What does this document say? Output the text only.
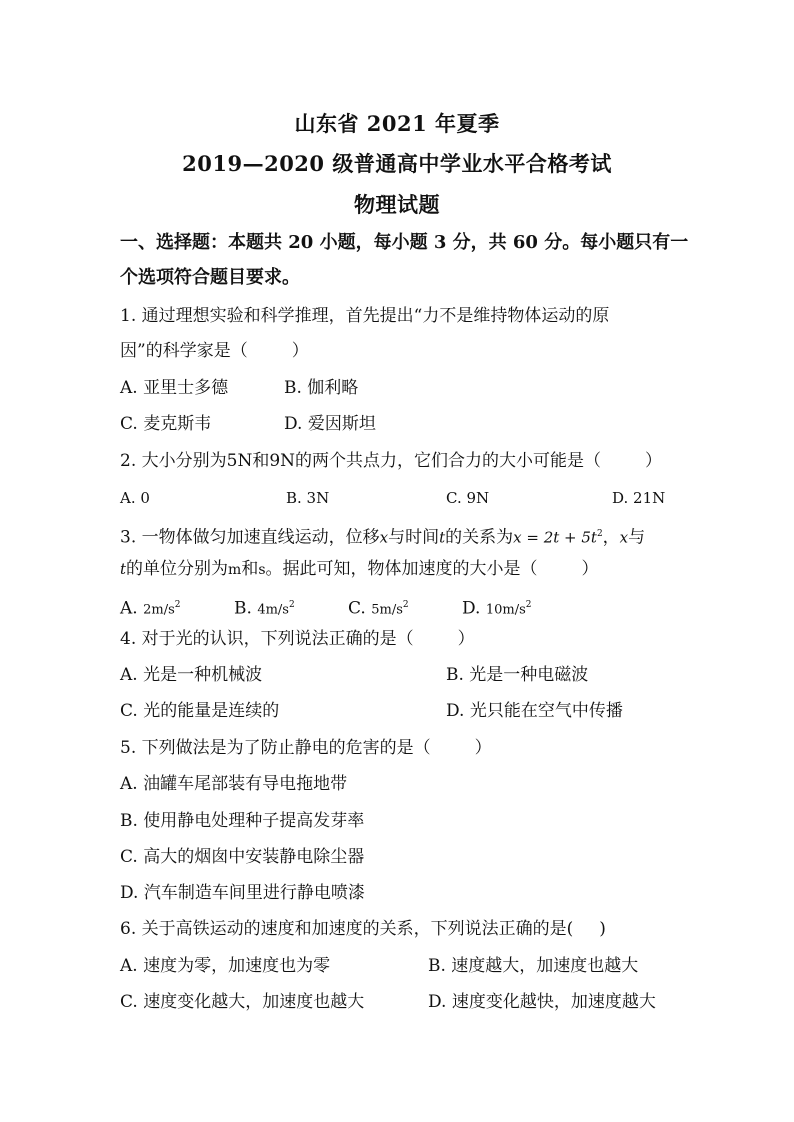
山东省 2021 年夏季
2019—2020 级普通高中学业水平合格考试
物理试题
一、选择题：本题共 20 小题，每小题 3 分，共 60 分。每小题只有一
个选项符合题目要求。
1. 通过理想实验和科学推理，首先提出“力不是维持物体运动的原
因”的科学家是（	）
A. 亚里士多德	B. 伽利略
C. 麦克斯韦	D. 爱因斯坦
2. 大小分别为5N和9N的两个共点力，它们合力的大小可能是（	）
A. 0	B. 3N	C. 9N	D. 21N
3. 一物体做匀加速直线运动，位移x与时间t的关系为$x = 2t + 5t^2$，x与
t的单位分别为m和s。据此可知，物体加速度的大小是（	）
A. $2m/s^2$	B. $4m/s^2$	C. $5m/s^2$	D. $10m/s^2$
4. 对于光的认识，下列说法正确的是（	）
A. 光是一种机械波	B. 光是一种电磁波
C. 光的能量是连续的	D. 光只能在空气中传播
5. 下列做法是为了防止静电的危害的是（	）
A. 油罐车尾部装有导电拖地带
B. 使用静电处理种子提高发芽率
C. 高大的烟囱中安装静电除尘器
D. 汽车制造车间里进行静电喷漆
6. 关于高铁运动的速度和加速度的关系，下列说法正确的是( )
A. 速度为零，加速度也为零	B. 速度越大，加速度也越大
C. 速度变化越大，加速度也越大	D. 速度变化越快，加速度越大
